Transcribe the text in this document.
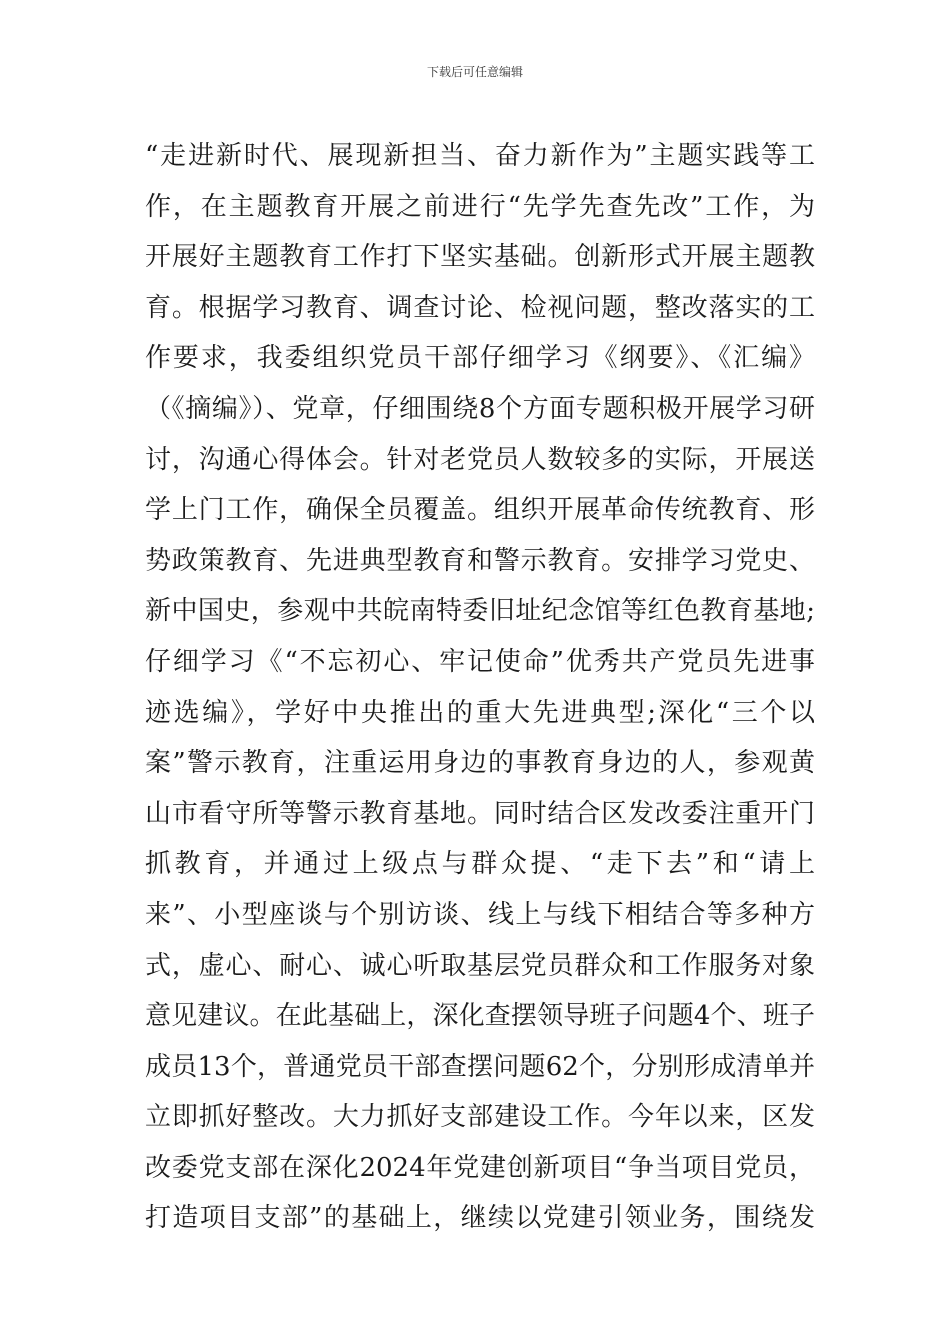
下载后可任意编辑
“走进新时代、展现新担当、奋力新作为”主题实践等工
作，在主题教育开展之前进行“先学先查先改”工作，为
开展好主题教育工作打下坚实基础。创新形式开展主题教
育。根据学习教育、调查讨论、检视问题，整改落实的工
作要求，我委组织党员干部仔细学习《纲要》、《汇编》
（《摘编》）、党章，仔细围绕8个方面专题积极开展学习研
讨，沟通心得体会。针对老党员人数较多的实际，开展送
学上门工作，确保全员覆盖。组织开展革命传统教育、形
势政策教育、先进典型教育和警示教育。安排学习党史、
新中国史，参观中共皖南特委旧址纪念馆等红色教育基地;
仔细学习《“不忘初心、牢记使命”优秀共产党员先进事
迹选编》，学好中央推出的重大先进典型;深化“三个以
案”警示教育，注重运用身边的事教育身边的人，参观黄
山市看守所等警示教育基地。同时结合区发改委注重开门
抓教育，并通过上级点与群众提、“走下去”和“请上
来”、小型座谈与个别访谈、线上与线下相结合等多种方
式，虚心、耐心、诚心听取基层党员群众和工作服务对象
意见建议。在此基础上，深化查摆领导班子问题4个、班子
成员13个，普通党员干部查摆问题62个，分别形成清单并
立即抓好整改。大力抓好支部建设工作。今年以来，区发
改委党支部在深化2024年党建创新项目“争当项目党员，
打造项目支部”的基础上，继续以党建引领业务，围绕发
